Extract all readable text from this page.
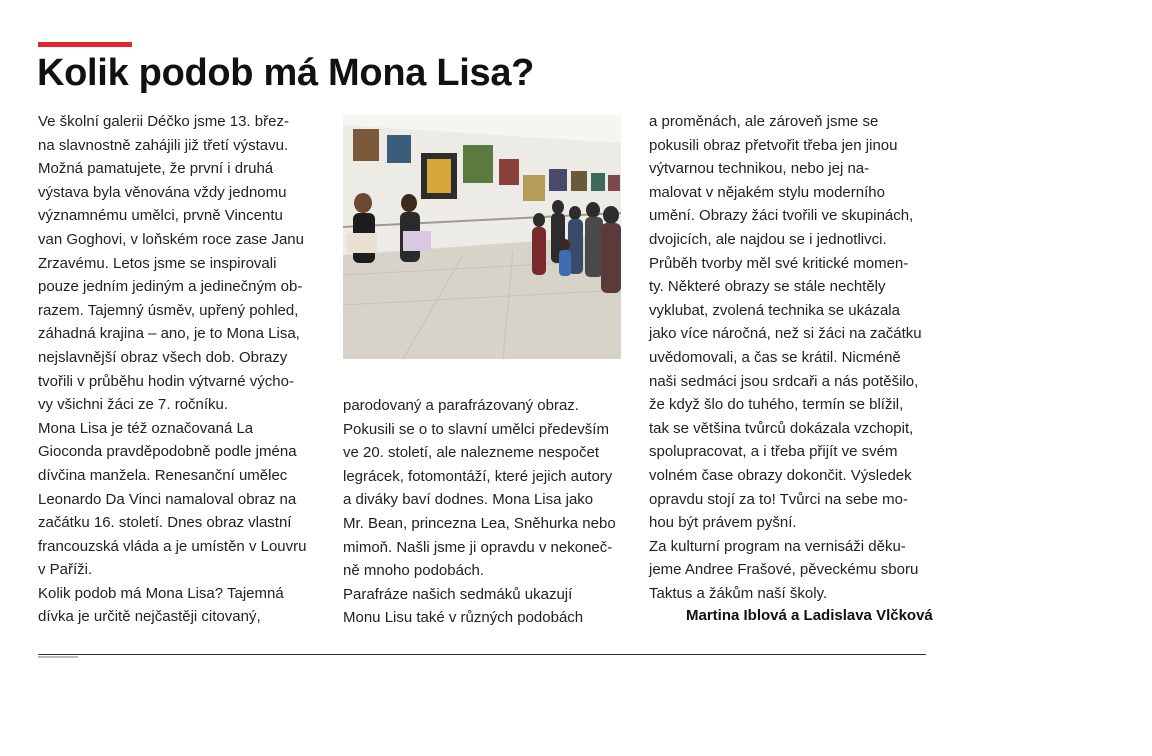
Kolik podob má Mona Lisa?

Ve školní galerii Déčko jsme 13. břez-

na slavnostně zahájili již třetí výstavu.

Možná pamatujete, že první i druhá

výstava byla věnována vždy jednomu

významnému umělci, prvně Vincentu

van Goghovi, v loňském roce zase Janu

Zrzavému. Letos jsme se inspirovali

pouze jedním jediným a jedinečným ob-

razem. Tajemný úsměv, upřený pohled,

záhadná krajina – ano, je to Mona Lisa,

nejslavnější obraz všech dob. Obrazy

tvořili v průběhu hodin výtvarné výcho-

vy všichni žáci ze 7. ročníku.

Mona Lisa je též označovaná La

Gioconda pravděpodobně podle jména

dívčina manžela. Renesanční umělec

Leonardo Da Vinci namaloval obraz na

začátku 16. století. Dnes obraz vlastní

francouzská vláda a je umístěn v Louvru

v Paříži.

Kolik podob má Mona Lisa? Tajemná

dívka je určitě nejčastěji citovaný,

parodovaný a parafrázovaný obraz.

Pokusili se o to slavní umělci především

ve 20. století, ale nalezneme nespočet

legrácek, fotomontáží, které jejich autory

a diváky baví dodnes. Mona Lisa jako

Mr. Bean, princezna Lea, Sněhurka nebo

mimoň. Našli jsme ji opravdu v nekoneč-

ně mnoho podobách.

Parafráze našich sedmáků ukazují

Monu Lisu také v různých podobách

a proměnách, ale zároveň jsme se

pokusili obraz přetvořit třeba jen jinou

výtvarnou technikou, nebo jej na-

malovat v nějakém stylu moderního

umění. Obrazy žáci tvořili ve skupinách,

dvojicích, ale najdou se i jednotlivci.

Průběh tvorby měl své kritické momen-

ty. Některé obrazy se stále nechtěly

vyklubat, zvolená technika se ukázala

jako více náročná, než si žáci na začátku

uvědomovali, a čas se krátil. Nicméně

naši sedmáci jsou srdcaři a nás potěšilo,

že když šlo do tuhého, termín se blížil,

tak se většina tvůrců dokázala vzchopit,

spolupracovat, a i třeba přijít ve svém

volném čase obrazy dokončit. Výsledek

opravdu stojí za to! Tvůrci na sebe mo-

hou být právem pyšní.

Za kulturní program na vernisáži děku-

jeme Andree Frašové, pěveckému sboru

Taktus a žákům naší školy.

Martina Iblová a Ladislava Vlčková
